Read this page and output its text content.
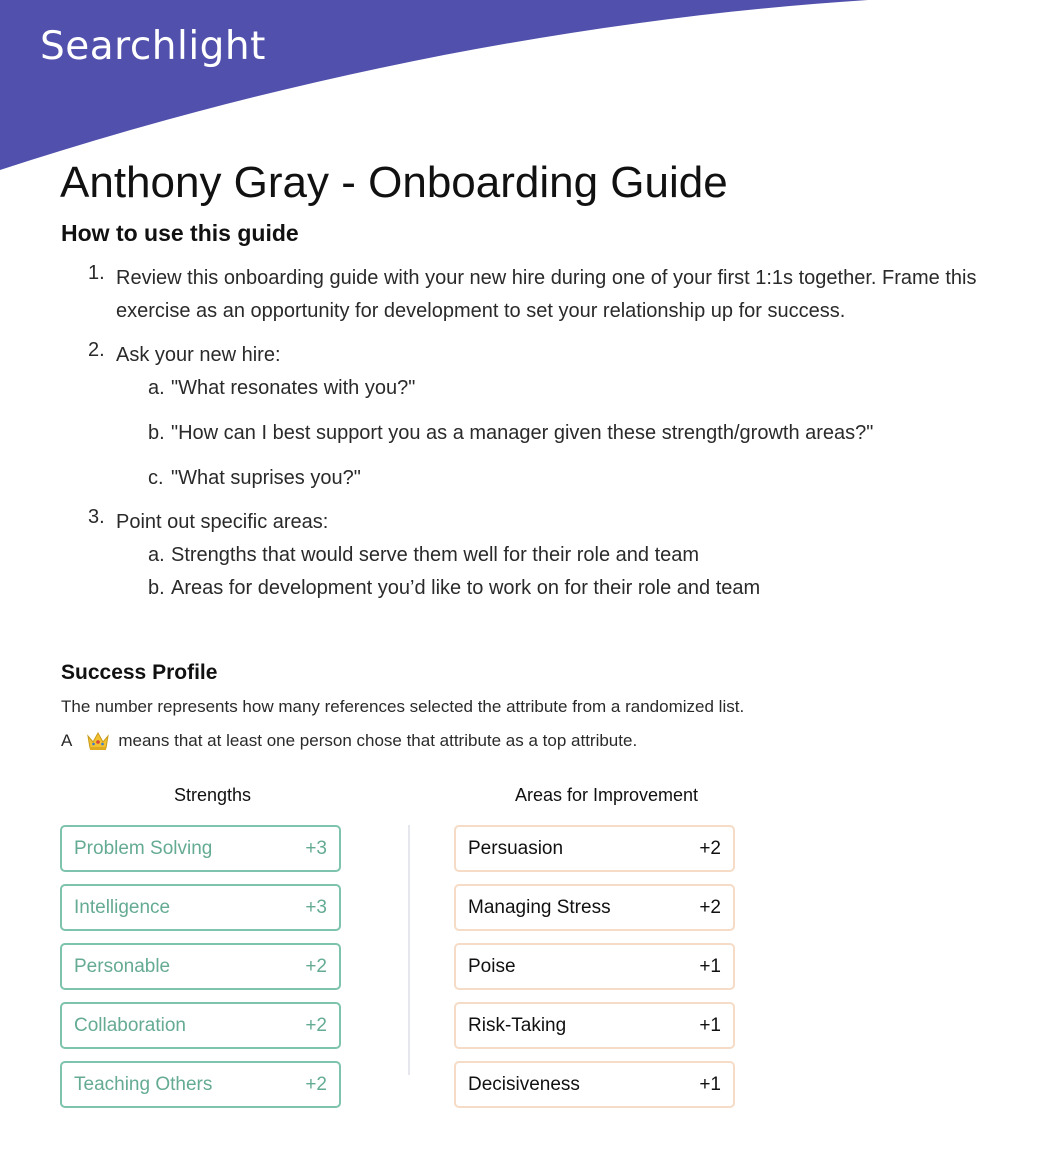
Searchlight
Anthony Gray - Onboarding Guide
How to use this guide
1. Review this onboarding guide with your new hire during one of your first 1:1s together. Frame this exercise as an opportunity for development to set your relationship up for success.
2. Ask your new hire:
a. "What resonates with you?"
b. "How can I best support you as a manager given these strength/growth areas?"
c. "What suprises you?"
3. Point out specific areas:
a. Strengths that would serve them well for their role and team
b. Areas for development you’d like to work on for their role and team
Success Profile

The number represents how many references selected the attribute from a randomized list.

A	means that at least one person chose that attribute as a top attribute.

Strengths	Areas for Improvement
Problem Solving	+3
Intelligence	+3
Personable	+2
Collaboration	+2
Teaching Others	+2
Persuasion	+2
Managing Stress	+2
Poise	+1
Risk-Taking	+1
Decisiveness	+1
